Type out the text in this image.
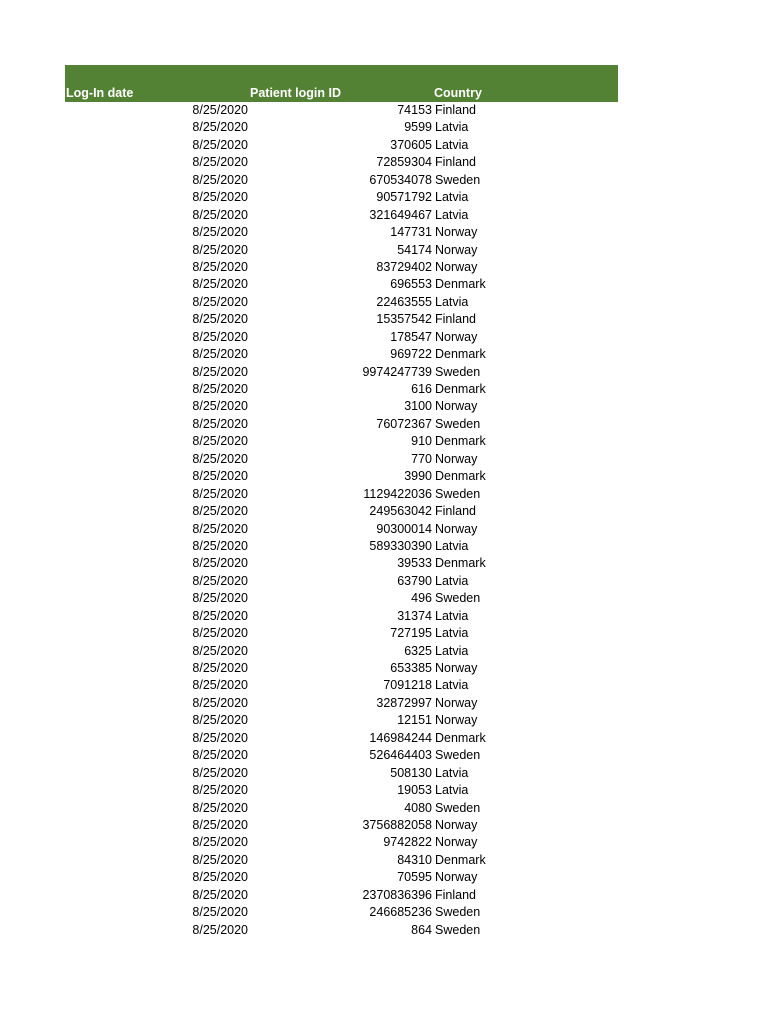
Log-In date	Patient login ID	Country
8/25/2020	74153 Finland
8/25/2020	9599 Latvia
8/25/2020	370605 Latvia
8/25/2020	72859304 Finland
8/25/2020	670534078 Sweden
8/25/2020	90571792 Latvia
8/25/2020	321649467 Latvia
8/25/2020	147731 Norway
8/25/2020	54174 Norway
8/25/2020	83729402 Norway
8/25/2020	696553 Denmark
8/25/2020	22463555 Latvia
8/25/2020	15357542 Finland
8/25/2020	178547 Norway
8/25/2020	969722 Denmark
8/25/2020	9974247739 Sweden
8/25/2020	616 Denmark
8/25/2020	3100 Norway
8/25/2020	76072367 Sweden
8/25/2020	910 Denmark
8/25/2020	770 Norway
8/25/2020	3990 Denmark
8/25/2020	1129422036 Sweden
8/25/2020	249563042 Finland
8/25/2020	90300014 Norway
8/25/2020	589330390 Latvia
8/25/2020	39533 Denmark
8/25/2020	63790 Latvia
8/25/2020	496 Sweden
8/25/2020	31374 Latvia
8/25/2020	727195 Latvia
8/25/2020	6325 Latvia
8/25/2020	653385 Norway
8/25/2020	7091218 Latvia
8/25/2020	32872997 Norway
8/25/2020	12151 Norway
8/25/2020	146984244 Denmark
8/25/2020	526464403 Sweden
8/25/2020	508130 Latvia
8/25/2020	19053 Latvia
8/25/2020	4080 Sweden
8/25/2020	3756882058 Norway
8/25/2020	9742822 Norway
8/25/2020	84310 Denmark
8/25/2020	70595 Norway
8/25/2020	2370836396 Finland
8/25/2020	246685236 Sweden
8/25/2020	864 Sweden
